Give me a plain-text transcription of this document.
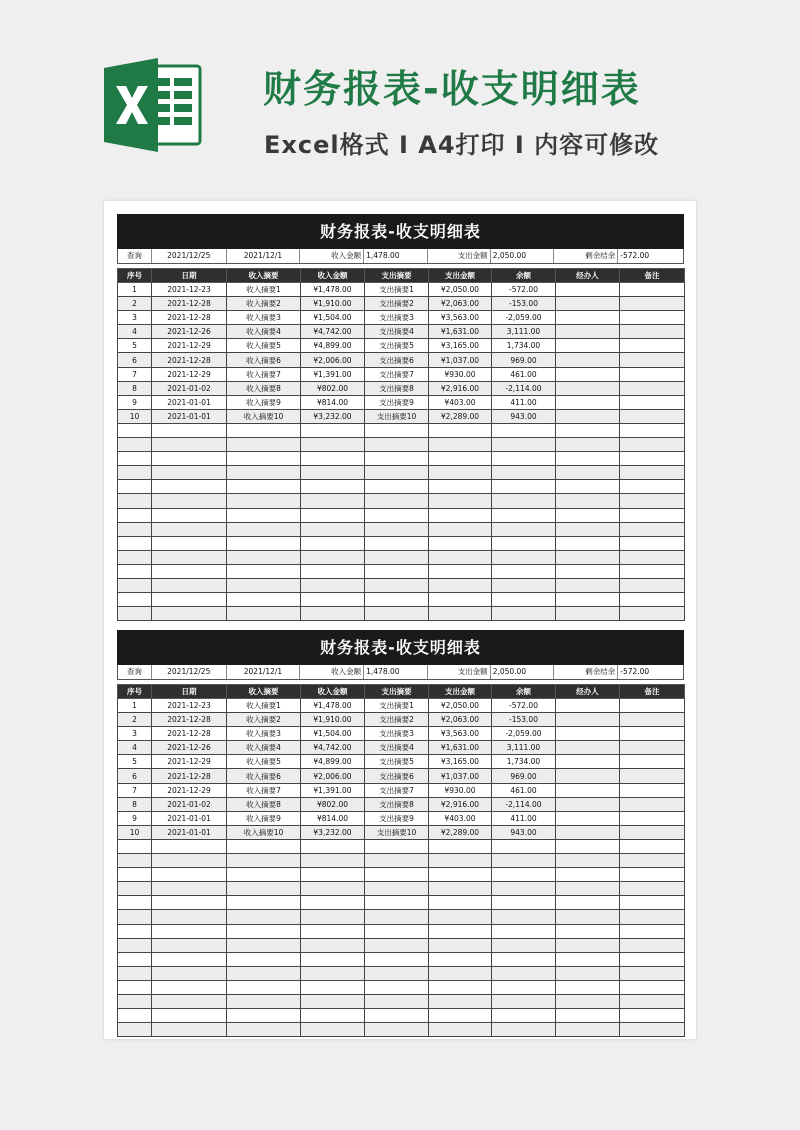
财务报表-收支明细表
Excel格式 I A4打印 I 内容可修改
财务报表-收支明细表
查询	2021/12/25	2021/12/1	收入金额 1,478.00	支出金额 2,050.00	剩余结余 -572.00
序号	日期	收入摘要	收入金额	支出摘要	支出金额	余额	经办人	备注
1	2021-12-23	收入摘要1	¥1,478.00	支出摘要1	¥2,050.00	-572.00		
2	2021-12-28	收入摘要2	¥1,910.00	支出摘要2	¥2,063.00	-153.00		
3	2021-12-28	收入摘要3	¥1,504.00	支出摘要3	¥3,563.00	-2,059.00		
4	2021-12-26	收入摘要4	¥4,742.00	支出摘要4	¥1,631.00	3,111.00		
5	2021-12-29	收入摘要5	¥4,899.00	支出摘要5	¥3,165.00	1,734.00		
6	2021-12-28	收入摘要6	¥2,006.00	支出摘要6	¥1,037.00	969.00		
7	2021-12-29	收入摘要7	¥1,391.00	支出摘要7	¥930.00	461.00		
8	2021-01-02	收入摘要8	¥802.00	支出摘要8	¥2,916.00	-2,114.00		
9	2021-01-01	收入摘要9	¥814.00	支出摘要9	¥403.00	411.00		
10	2021-01-01	收入摘要10	¥3,232.00	支出摘要10	¥2,289.00	943.00		

财务报表-收支明细表
查询	2021/12/25	2021/12/1	收入金额 1,478.00	支出金额 2,050.00	剩余结余 -572.00
序号	日期	收入摘要	收入金额	支出摘要	支出金额	余额	经办人	备注
1	2021-12-23	收入摘要1	¥1,478.00	支出摘要1	¥2,050.00	-572.00		
2	2021-12-28	收入摘要2	¥1,910.00	支出摘要2	¥2,063.00	-153.00		
3	2021-12-28	收入摘要3	¥1,504.00	支出摘要3	¥3,563.00	-2,059.00		
4	2021-12-26	收入摘要4	¥4,742.00	支出摘要4	¥1,631.00	3,111.00		
5	2021-12-29	收入摘要5	¥4,899.00	支出摘要5	¥3,165.00	1,734.00		
6	2021-12-28	收入摘要6	¥2,006.00	支出摘要6	¥1,037.00	969.00		
7	2021-12-29	收入摘要7	¥1,391.00	支出摘要7	¥930.00	461.00		
8	2021-01-02	收入摘要8	¥802.00	支出摘要8	¥2,916.00	-2,114.00		
9	2021-01-01	收入摘要9	¥814.00	支出摘要9	¥403.00	411.00		
10	2021-01-01	收入摘要10	¥3,232.00	支出摘要10	¥2,289.00	943.00		
